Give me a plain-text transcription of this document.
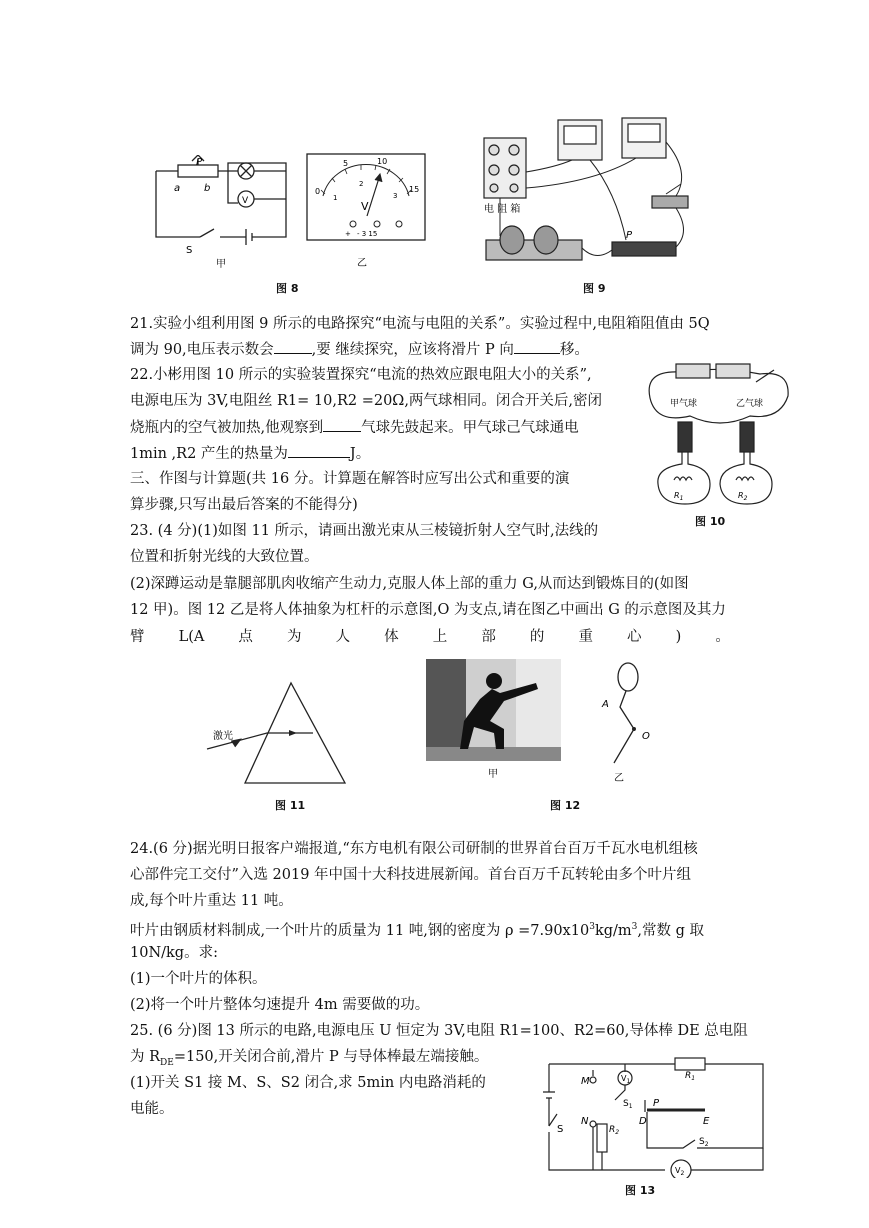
P
a b
V
S
甲
0
5	10
15
1
2
3
V
+ - 3 15
乙
图 8
电 阻 箱
P
图 9
21.实验小组利用图 9 所示的电路探究“电流与电阻的关系”。实验过程中,电阻箱阻值由 5Q
调为 90,电压表示数会	,要 继续探究，应该将滑片 P 向	移。
22.小彬用图 10 所示的实验装置探究“电流的热效应跟电阻大小的关系”,
电源电压为 3V,电阻丝 R1= 10,R2 =20Ω,两气球相同。闭合开关后,密闭
烧瓶内的空气被加热,他观察到	气球先鼓起来。甲气球己气球通电
1min ,R2 产生的热量为	J。
甲气球	乙气球
$R_1$	$R_2$
图 10
三、作图与计算题(共 16 分。计算题在解答时应写出公式和重要的演
算步骤,只写出最后答案的不能得分)
23. (4 分)(1)如图 11 所示，请画出激光束从三棱镜折射人空气时,法线的
位置和折射光线的大致位置。
(2)深蹲运动是靠腿部肌肉收缩产生动力,克服人体上部的重力 G,从而达到锻炼目的(如图
12 甲)。图 12 乙是将人体抽象为杠杆的示意图,O 为支点,请在图乙中画出 G 的示意图及其力
臂 L(A 点 为 人 体 上 部 的 重 心 ) 。
激光
图 11
甲
A
O
乙
图 12
24.(6 分)据光明日报客户端报道,“东方电机有限公司研制的世界首台百万千瓦水电机组核
心部件完工交付”入选 2019 年中国十大科技进展新闻。首台百万千瓦转轮由多个叶片组
成,每个叶片重达 11 吨。
叶片由钢质材料制成,一个叶片的质量为 11 吨,钢的密度为 $\rho =7.90x10^3kg/m^3$,常数 g 取
10N/kg。求:
(1)一个叶片的体积。
(2)将一个叶片整体匀速提升 4m 需要做的功。
25. (6 分)图 13 所示的电路,电源电压 U 恒定为 3V,电阻 R1=100、R2=60,导体棒 DE 总电阻
为 $R_{DE}=150$,开关闭合前,滑片 P 与导体棒最左端接触。
(1)开关 S1 接 M、S、S2 闭合,求 5min 内电路消耗的
电能。
M
N
S
$V_1$
$S_1$
$R_1$
$R_2$
P
D	E
$S_2$
$V_2$
图 13
